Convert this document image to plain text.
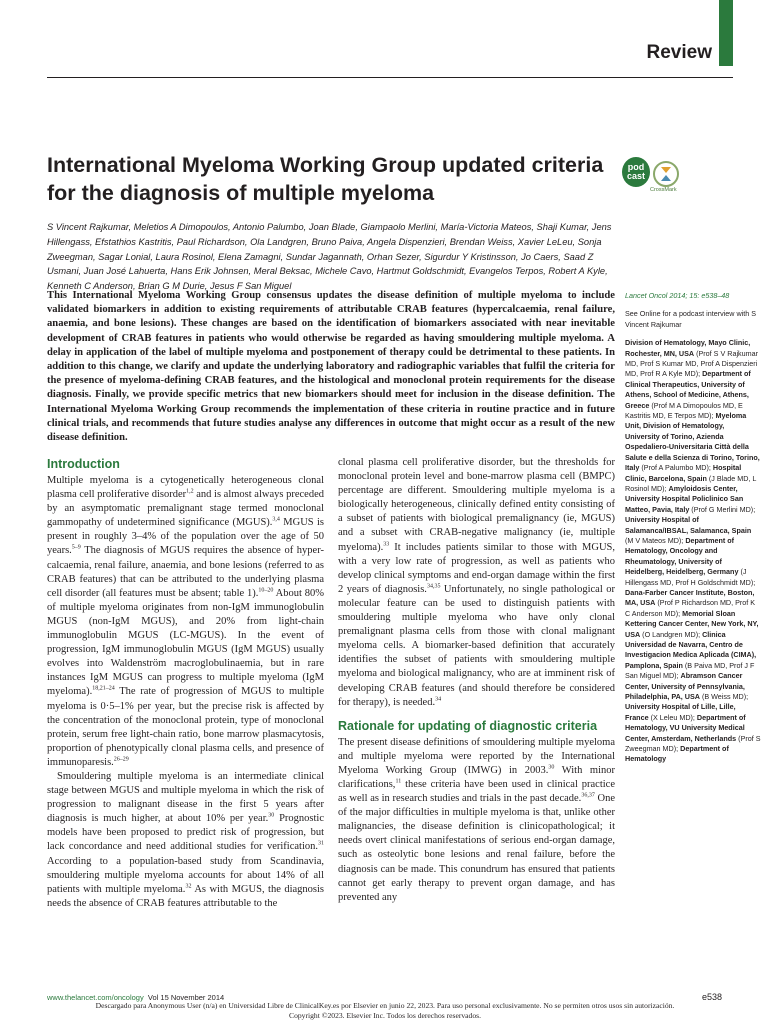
Review
International Myeloma Working Group updated criteria for the diagnosis of multiple myeloma
pod
cast
CrossMark

S Vincent Rajkumar, Meletios A Dimopoulos, Antonio Palumbo, Joan Blade, Giampaolo Merlini, María-Victoria Mateos, Shaji Kumar, Jens Hillengass, Efstathios Kastritis, Paul Richardson, Ola Landgren, Bruno Paiva, Angela Dispenzieri, Brendan Weiss, Xavier LeLeu, Sonja Zweegman, Sagar Lonial, Laura Rosinol, Elena Zamagni, Sundar Jagannath, Orhan Sezer, Sigurdur Y Kristinsson, Jo Caers, Saad Z Usmani, Juan José Lahuerta, Hans Erik Johnsen, Meral Beksac, Michele Cavo, Hartmut Goldschmidt, Evangelos Terpos, Robert A Kyle, Kenneth C Anderson, Brian G M Durie, Jesus F San Miguel

This International Myeloma Working Group consensus updates the disease definition of multiple myeloma to include validated biomarkers in addition to existing requirements of attributable CRAB features (hypercalcaemia, renal failure, anaemia, and bone lesions). These changes are based on the identification of biomarkers associated with near inevitable development of CRAB features in patients who would otherwise be regarded as having smouldering multiple myeloma. A delay in application of the label of multiple myeloma and postponement of therapy could be detrimental to these patients. In addition to this change, we clarify and update the underlying laboratory and radiographic variables that fulfil the criteria for the presence of myeloma-defining CRAB features, and the histological and monoclonal protein requirements for the disease diagnosis. Finally, we provide specific metrics that new biomarkers should meet for inclusion in the disease definition. The International Myeloma Working Group recommends the implementation of these criteria in routine practice and in future clinical trials, and recommends that future studies analyse any differences in outcome that might occur as a result of the new disease definition.

Introduction

Multiple myeloma is a cytogenetically heterogeneous clonal plasma cell proliferative disorder$^{1,2}$ and is almost always preceded by an asymptomatic premalignant stage termed monoclonal gammopathy of undetermined significance (MGUS).$^{3,4}$ MGUS is present in roughly 3–4% of the population over the age of 50 years.$^{5-9}$ The diagnosis of MGUS requires the absence of hyper-calcaemia, renal failure, anaemia, and bone lesions (referred to as CRAB features) that can be attributed to the underlying plasma cell disorder (all features must be absent; table 1).$^{10-20}$ About 80% of multiple myeloma originates from non-IgM immunoglobulin MGUS (non-IgM MGUS), and 20% from light-chain immunoglobulin MGUS (LC-MGUS). In the event of progression, IgM immunoglobulin MGUS (IgM MGUS) usually evolves into Waldenström macroglobulinaemia, but in rare instances IgM MGUS can progress to multiple myeloma (IgM myeloma).$^{18,21-24}$ The rate of progression of MGUS to multiple myeloma is 0·5–1% per year, but the precise risk is affected by the concentration of the monoclonal protein, type of monoclonal protein, serum free light-chain ratio, bone marrow plasmacytosis, proportion of phenotypically clonal plasma cells, and presence of immunoparesis.$^{26-29}$

Smouldering multiple myeloma is an intermediate clinical stage between MGUS and multiple myeloma in which the risk of progression to malignant disease in the first 5 years after diagnosis is much higher, at about 10% per year.$^{30}$ Prognostic models have been proposed to predict risk of progression, but lack concordance and need additional studies for verification.$^{31}$ According to a population-based study from Scandinavia, smouldering multiple myeloma accounts for about 14% of all patients with multiple myeloma.$^{32}$ As with MGUS, the diagnosis needs the absence of CRAB features attributable to the

clonal plasma cell proliferative disorder, but the thresholds for monoclonal protein level and bone-marrow plasma cell (BMPC) percentage are different. Smouldering multiple myeloma is a biologically heterogeneous, clinically defined entity consisting of a subset of patients with biological premalignancy (ie, MGUS) and a subset with CRAB-negative malignancy (ie, multiple myeloma).$^{33}$ It includes patients similar to those with MGUS, with a very low rate of progression, as well as patients who develop clinical symptoms and end-organ damage within the first 2 years of diagnosis.$^{34,35}$ Unfortunately, no single pathological or molecular feature can be used to distinguish patients with smouldering multiple myeloma who have only clonal premalignant plasma cells from those with clonal malignant myeloma cells. A biomarker-based definition that accurately identifies the subset of patients with smouldering multiple myeloma and biological malignancy, who are at imminent risk of developing CRAB features (and should therefore be considered for therapy), is needed.$^{34}$

Rationale for updating of diagnostic criteria

The present disease definitions of smouldering multiple myeloma and multiple myeloma were reported by the International Myeloma Working Group (IMWG) in 2003.30 With minor clarifications,$^{11}$ these criteria have been used in clinical practice as well as in research studies and trials in the past decade.$^{36,37}$ One of the major difficulties in multiple myeloma is that, unlike other malignancies, the disease definition is clinicopathological; it needs overt clinical manifestations of serious end-organ damage, such as osteolytic bone lesions and renal failure, before the diagnosis can be made. This conundrum has ensured that patients cannot get early therapy to prevent organ damage, and has prevented any

Lancet Oncol 2014; 15: e538–48
See Online for a podcast interview with S Vincent Rajkumar
Division of Hematology, Mayo Clinic, Rochester, MN, USA (Prof S V Rajkumar MD, Prof S Kumar MD, Prof A Dispenzieri MD, Prof R A Kyle MD); Department of Clinical Therapeutics, University of Athens, School of Medicine, Athens, Greece (Prof M A Dimopoulos MD, E Kastritis MD, E Terpos MD); Myeloma Unit, Division of Hematology, University of Torino, Azienda Ospedaliero-Universitaria Città della Salute e della Scienza di Torino, Torino, Italy (Prof A Palumbo MD); Hospital Clinic, Barcelona, Spain (J Blade MD, L Rosinol MD); Amyloidosis Center, University Hospital Policlinico San Matteo, Pavia, Italy (Prof G Merlini MD); University Hospital of Salamanca/IBSAL, Salamanca, Spain (M V Mateos MD); Department of Hematology, Oncology and Rheumatology, University of Heidelberg, Heidelberg, Germany (J Hillengass MD, Prof H Goldschmidt MD); Dana-Farber Cancer Institute, Boston, MA, USA (Prof P Richardson MD, Prof K C Anderson MD); Memorial Sloan Kettering Cancer Center, New York, NY, USA (O Landgren MD); Clinica Universidad de Navarra, Centro de Investigacion Medica Aplicada (CIMA), Pamplona, Spain (B Paiva MD, Prof J F San Miguel MD); Abramson Cancer Center, University of Pennsylvania, Philadelphia, PA, USA (B Weiss MD); University Hospital of Lille, Lille, France (X Leleu MD); Department of Hematology, VU University Medical Center, Amsterdam, Netherlands (Prof S Zweegman MD); Department of Hematology
www.thelancet.com/oncology Vol 15 November 2014	e538
Descargado para Anonymous User (n/a) en Universidad Libre de ClinicalKey.es por Elsevier en junio 22, 2023. Para uso personal exclusivamente. No se permiten otros usos sin autorización. Copyright ©2023. Elsevier Inc. Todos los derechos reservados.
